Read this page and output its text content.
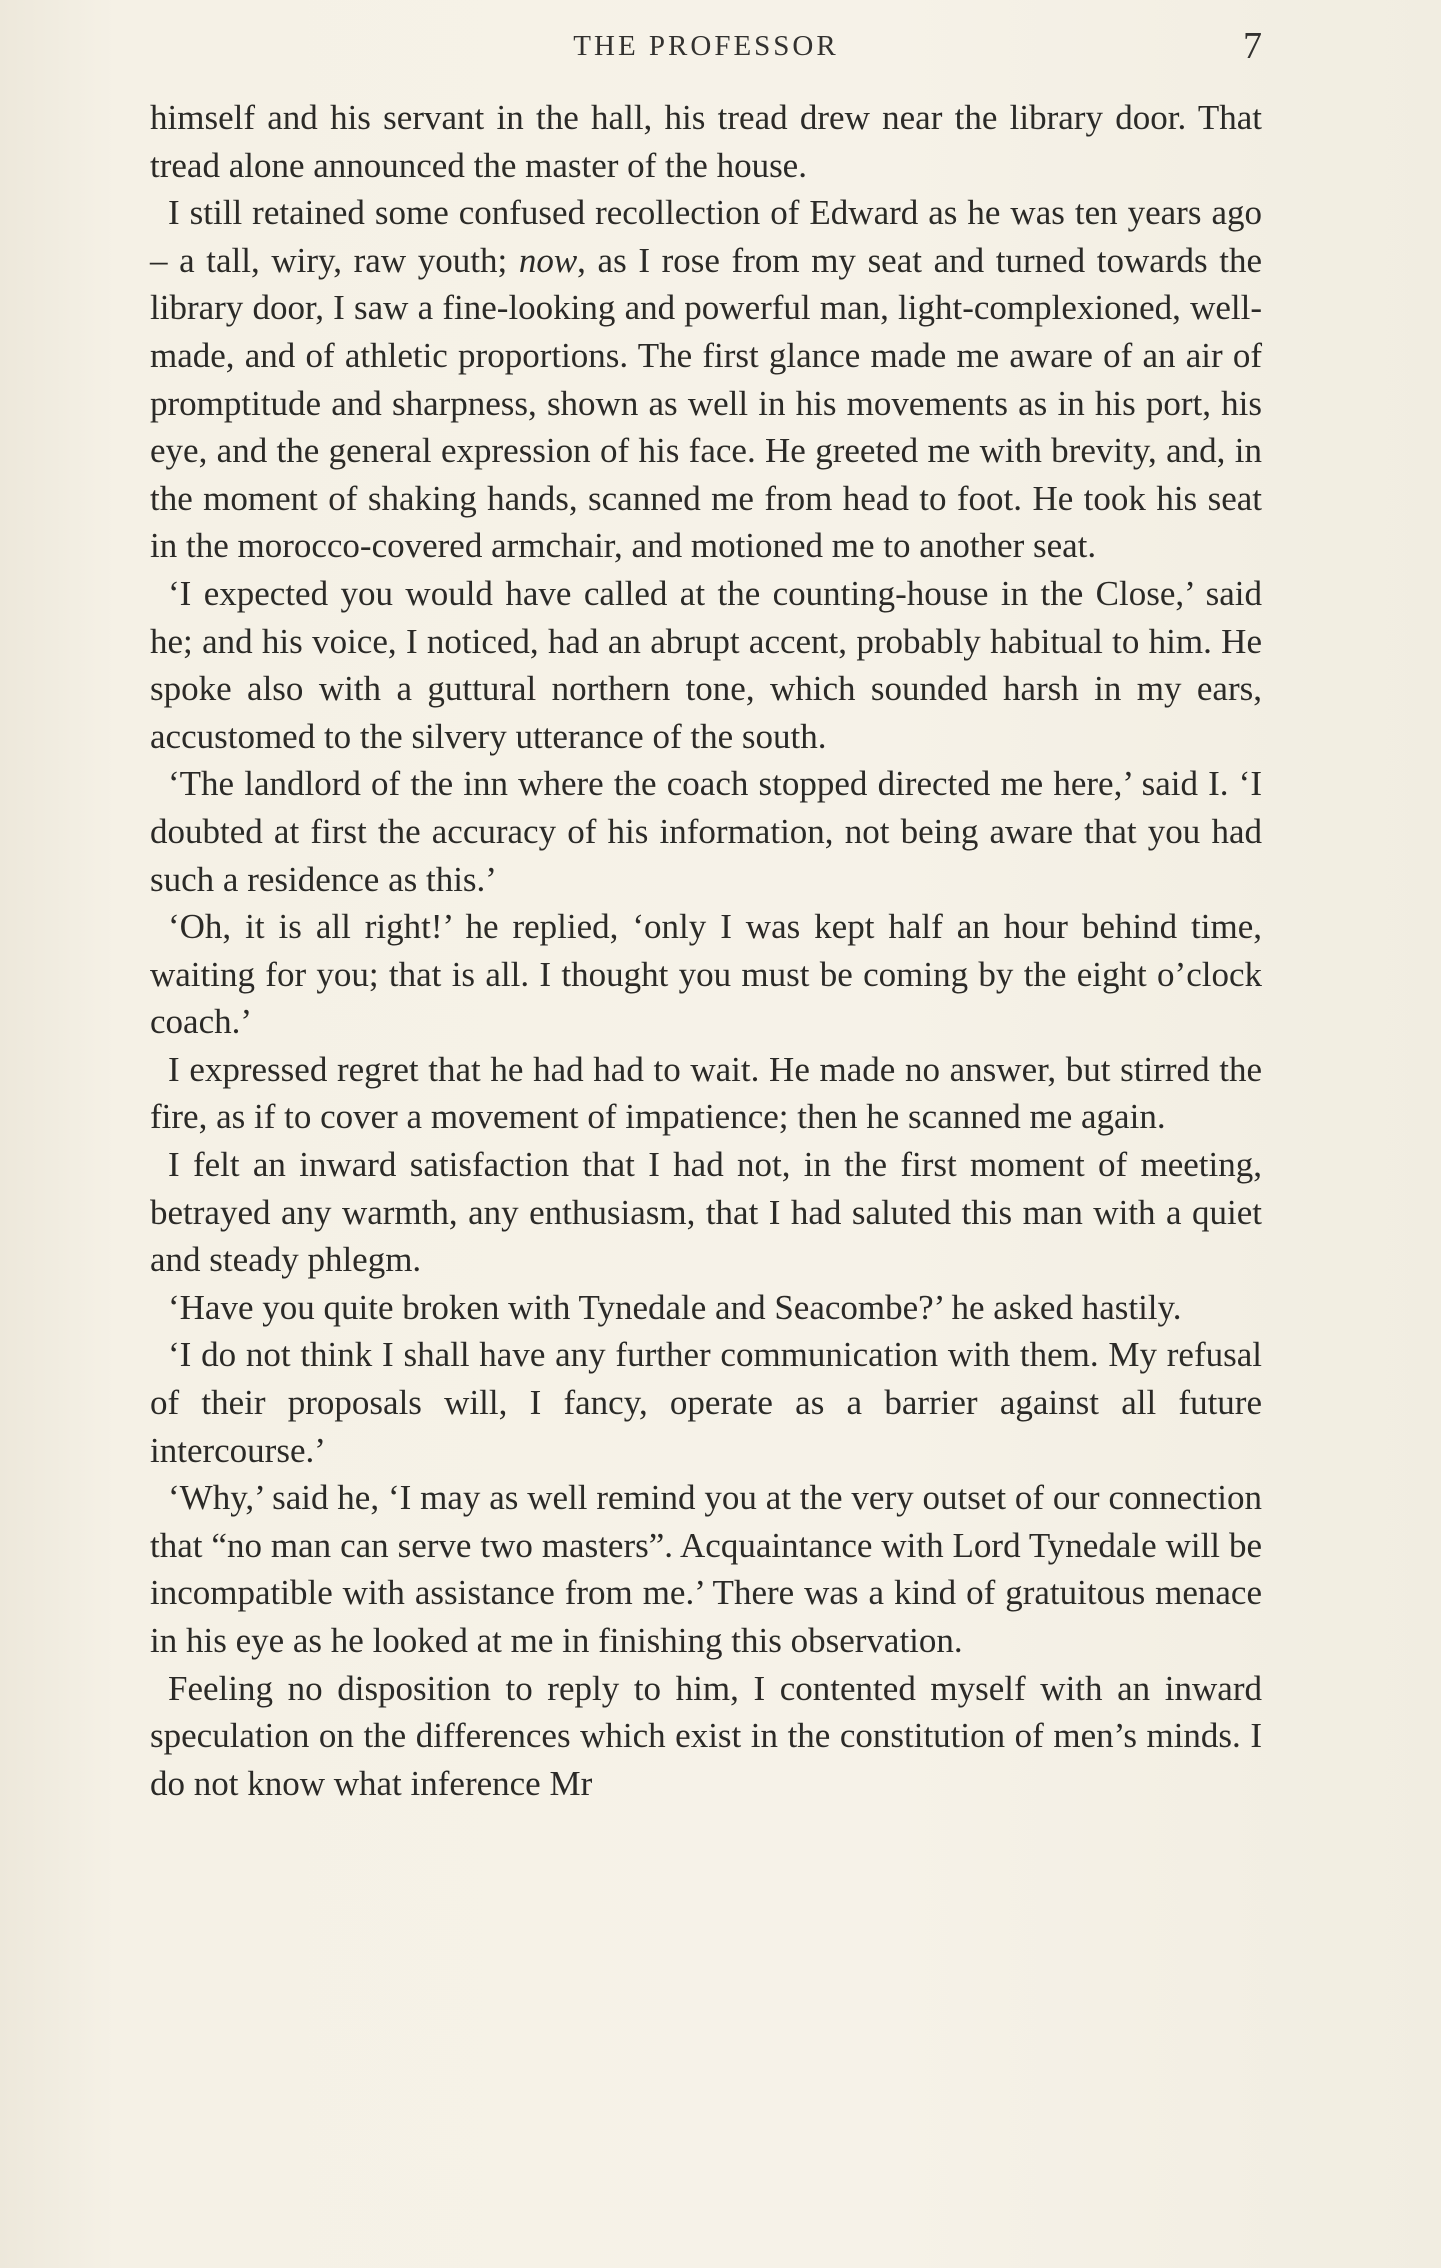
THE PROFESSOR	7

himself and his servant in the hall, his tread drew near the library door. That tread alone announced the master of the house.

I still retained some confused recollection of Edward as he was ten years ago – a tall, wiry, raw youth; now, as I rose from my seat and turned towards the library door, I saw a fine-looking and powerful man, light-complexioned, well-made, and of athletic proportions. The first glance made me aware of an air of promptitude and sharpness, shown as well in his movements as in his port, his eye, and the general expression of his face. He greeted me with brevity, and, in the moment of shaking hands, scanned me from head to foot. He took his seat in the morocco-covered armchair, and motioned me to another seat.

‘I expected you would have called at the counting-house in the Close,’ said he; and his voice, I noticed, had an abrupt accent, probably habitual to him. He spoke also with a guttural northern tone, which sounded harsh in my ears, accustomed to the silvery utterance of the south.

‘The landlord of the inn where the coach stopped directed me here,’ said I. ‘I doubted at first the accuracy of his information, not being aware that you had such a residence as this.’

‘Oh, it is all right!’ he replied, ‘only I was kept half an hour behind time, waiting for you; that is all. I thought you must be coming by the eight o’clock coach.’

I expressed regret that he had had to wait. He made no answer, but stirred the fire, as if to cover a movement of impatience; then he scanned me again.

I felt an inward satisfaction that I had not, in the first moment of meeting, betrayed any warmth, any enthusiasm, that I had saluted this man with a quiet and steady phlegm.

‘Have you quite broken with Tynedale and Seacombe?’ he asked hastily.

‘I do not think I shall have any further communication with them. My refusal of their proposals will, I fancy, operate as a barrier against all future intercourse.’

‘Why,’ said he, ‘I may as well remind you at the very outset of our connection that “no man can serve two masters”. Acquaintance with Lord Tynedale will be incompatible with assistance from me.’ There was a kind of gratuitous menace in his eye as he looked at me in finishing this observation.

Feeling no disposition to reply to him, I contented myself with an inward speculation on the differences which exist in the constitution of men’s minds. I do not know what inference Mr
